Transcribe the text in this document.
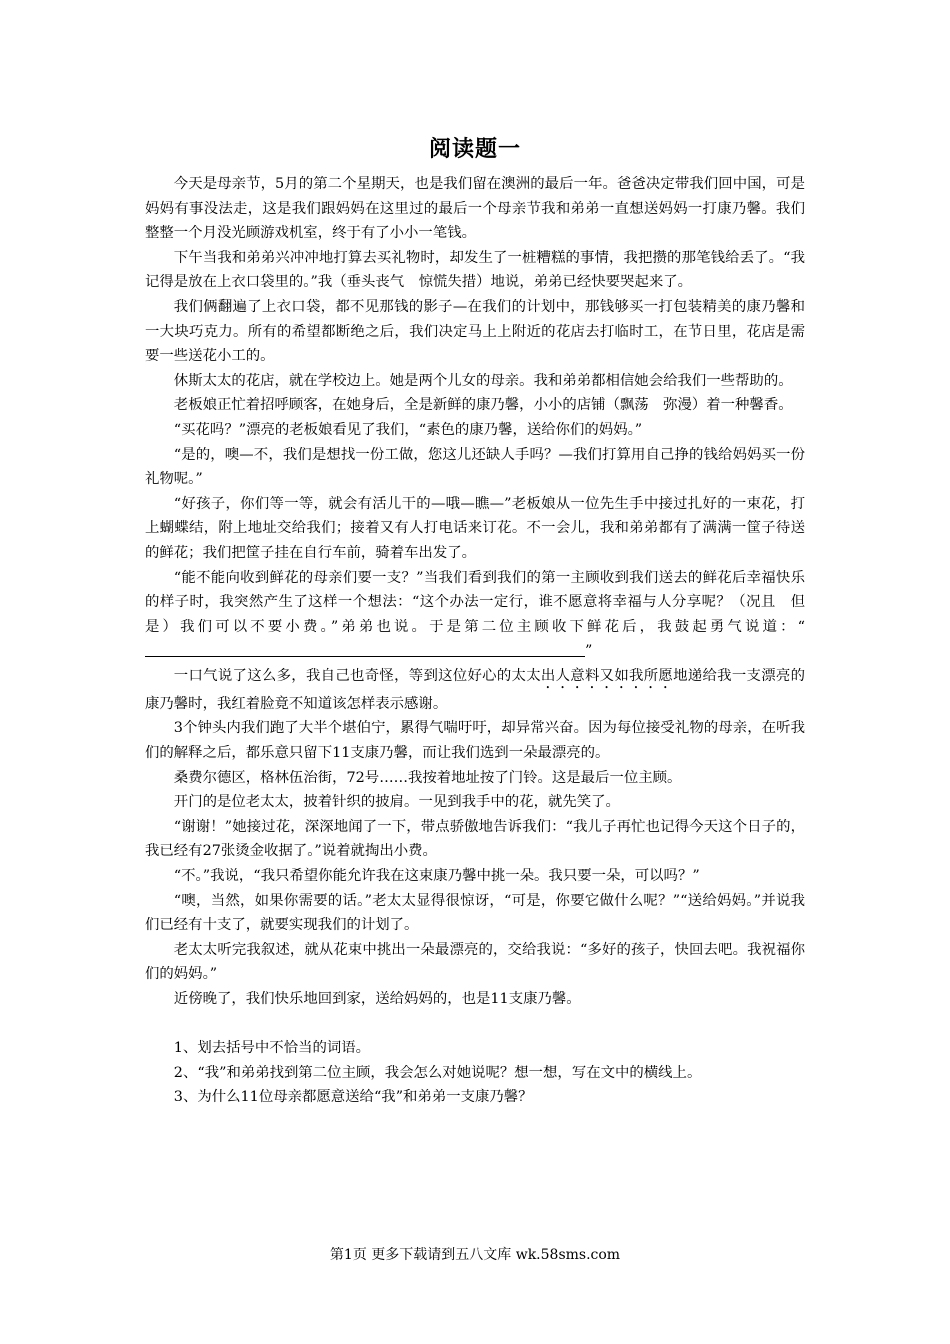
阅读题一

今天是母亲节，5月的第二个星期天，也是我们留在澳洲的最后一年。爸爸决定带我们回中国，可是妈妈有事没法走，这是我们跟妈妈在这里过的最后一个母亲节我和弟弟一直想送妈妈一打康乃馨。我们整整一个月没光顾游戏机室，终于有了小小一笔钱。

下午当我和弟弟兴冲冲地打算去买礼物时，却发生了一桩糟糕的事情，我把攒的那笔钱给丢了。“我记得是放在上衣口袋里的。”我（垂头丧气　惊慌失措）地说，弟弟已经快要哭起来了。

我们俩翻遍了上衣口袋，都不见那钱的影子—在我们的计划中，那钱够买一打包装精美的康乃馨和一大块巧克力。所有的希望都断绝之后，我们决定马上上附近的花店去打临时工，在节日里，花店是需要一些送花小工的。

休斯太太的花店，就在学校边上。她是两个儿女的母亲。我和弟弟都相信她会给我们一些帮助的。

老板娘正忙着招呼顾客，在她身后，全是新鲜的康乃馨，小小的店铺（飘荡　弥漫）着一种馨香。

“买花吗？”漂亮的老板娘看见了我们，“素色的康乃馨，送给你们的妈妈。”

“是的，噢—不，我们是想找一份工做，您这儿还缺人手吗？—我们打算用自己挣的钱给妈妈买一份礼物呢。”

“好孩子，你们等一等，就会有活儿干的—哦—瞧—”老板娘从一位先生手中接过扎好的一束花，打上蝴蝶结，附上地址交给我们；接着又有人打电话来订花。不一会儿，我和弟弟都有了满满一筐子待送的鲜花；我们把筐子挂在自行车前，骑着车出发了。

“能不能向收到鲜花的母亲们要一支？”当我们看到我们的第一主顾收到我们送去的鲜花后幸福快乐的样子时，我突然产生了这样一个想法：“这个办法一定行，谁不愿意将幸福与人分享呢？（况且　但是）我们可以不要小费。”弟弟也说。于是第二位主顾收下鲜花后，我鼓起勇气说道：“”

一口气说了这么多，我自己也奇怪，等到这位好心的太太出人意料又如我所愿地递给我一支漂亮的康乃馨时，我红着脸竟不知道该怎样表示感谢。

3个钟头内我们跑了大半个堪伯宁，累得气喘吁吁，却异常兴奋。因为每位接受礼物的母亲，在听我们的解释之后，都乐意只留下11支康乃馨，而让我们选到一朵最漂亮的。

桑费尔德区，格林伍治街，72号……我按着地址按了门铃。这是最后一位主顾。

开门的是位老太太，披着针织的披肩。一见到我手中的花，就先笑了。

“谢谢！”她接过花，深深地闻了一下，带点骄傲地告诉我们：“我儿子再忙也记得今天这个日子的，我已经有27张烫金收据了。”说着就掏出小费。

“不。”我说，“我只希望你能允许我在这束康乃馨中挑一朵。我只要一朵，可以吗？”

“噢，当然，如果你需要的话。”老太太显得很惊讶，“可是，你要它做什么呢？”“送给妈妈。”并说我们已经有十支了，就要实现我们的计划了。

老太太听完我叙述，就从花束中挑出一朵最漂亮的，交给我说：“多好的孩子，快回去吧。我祝福你们的妈妈。”

近傍晚了，我们快乐地回到家，送给妈妈的，也是11支康乃馨。

1、划去括号中不恰当的词语。

2、“我”和弟弟找到第二位主顾，我会怎么对她说呢？想一想，写在文中的横线上。

3、为什么11位母亲都愿意送给“我”和弟弟一支康乃馨？

第1页 更多下载请到五八文库 wk.58sms.com
